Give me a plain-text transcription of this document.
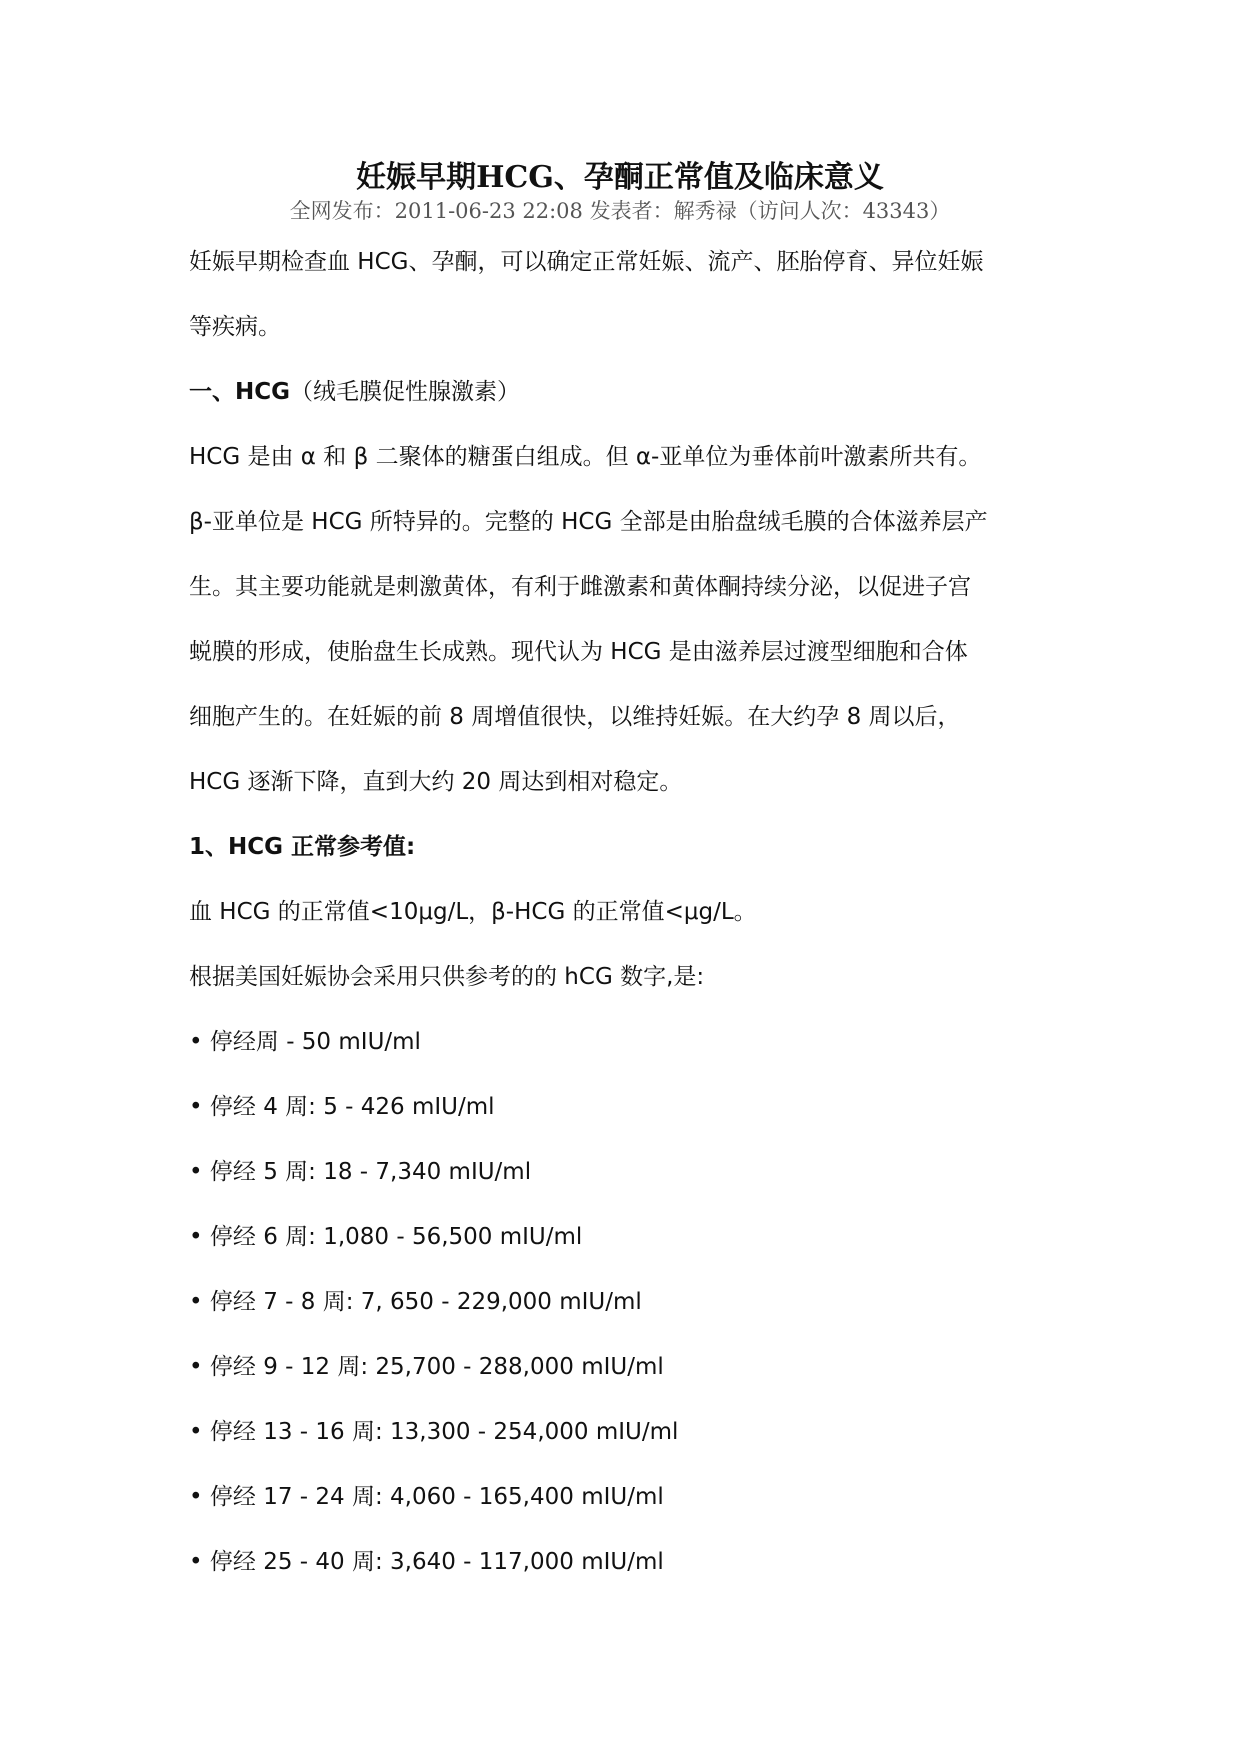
妊娠早期HCG、孕酮正常值及临床意义
全网发布：2011-06-23 22:08 发表者：解秀禄（访问人次：43343）
妊娠早期检查血 HCG、孕酮，可以确定正常妊娠、流产、胚胎停育、异位妊娠
等疾病。
一、HCG（绒毛膜促性腺激素）
HCG 是由 α 和 β 二聚体的糖蛋白组成。但 α-亚单位为垂体前叶激素所共有。
β-亚单位是 HCG 所特异的。完整的 HCG 全部是由胎盘绒毛膜的合体滋养层产
生。其主要功能就是刺激黄体，有利于雌激素和黄体酮持续分泌，以促进子宫
蜕膜的形成，使胎盘生长成熟。现代认为 HCG 是由滋养层过渡型细胞和合体
细胞产生的。在妊娠的前 8 周增值很快，以维持妊娠。在大约孕 8 周以后，
HCG 逐渐下降，直到大约 20 周达到相对稳定。
1、HCG 正常参考值:
血 HCG 的正常值<10μg/L，β-HCG 的正常值<μg/L。
根据美国妊娠协会采用只供参考的的 hCG 数字,是:
• 停经周 - 50 mIU/ml
• 停经 4 周: 5 - 426 mIU/ml
• 停经 5 周: 18 - 7,340 mIU/ml
• 停经 6 周: 1,080 - 56,500 mIU/ml
• 停经 7 - 8 周: 7, 650 - 229,000 mIU/ml
• 停经 9 - 12 周: 25,700 - 288,000 mIU/ml
• 停经 13 - 16 周: 13,300 - 254,000 mIU/ml
• 停经 17 - 24 周: 4,060 - 165,400 mIU/ml
• 停经 25 - 40 周: 3,640 - 117,000 mIU/ml
